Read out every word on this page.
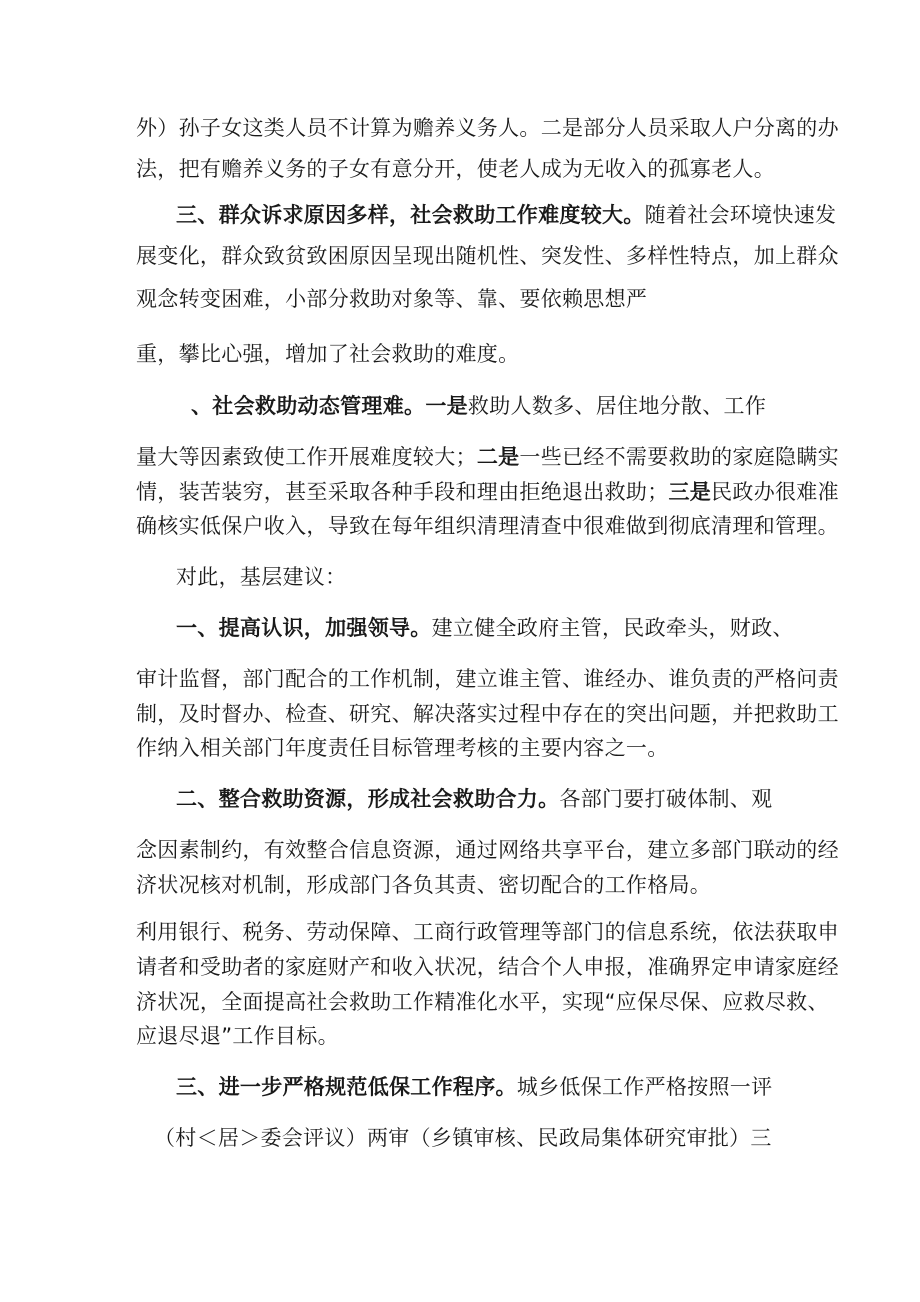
外）孙子女这类人员不计算为赡养义务人。二是部分人员采取人户分离的办

法，把有赡养义务的子女有意分开，使老人成为无收入的孤寡老人。

三、群众诉求原因多样，社会救助工作难度较大。随着社会环境快速发

展变化，群众致贫致困原因呈现出随机性、突发性、多样性特点，加上群众

观念转变困难，小部分救助对象等、靠、要依赖思想严

重，攀比心强，增加了社会救助的难度。

、社会救助动态管理难。一是救助人数多、居住地分散、工作

量大等因素致使工作开展难度较大；二是一些已经不需要救助的家庭隐瞒实

情，装苦装穷，甚至采取各种手段和理由拒绝退出救助；三是民政办很难准

确核实低保户收入，导致在每年组织清理清查中很难做到彻底清理和管理。

对此，基层建议：

一、提高认识，加强领导。建立健全政府主管，民政牵头，财政、

审计监督，部门配合的工作机制，建立谁主管、谁经办、谁负责的严格问责

制，及时督办、检查、研究、解决落实过程中存在的突出问题，并把救助工

作纳入相关部门年度责任目标管理考核的主要内容之一。

二、整合救助资源，形成社会救助合力。各部门要打破体制、观

念因素制约，有效整合信息资源，通过网络共享平台，建立多部门联动的经

济状况核对机制，形成部门各负其责、密切配合的工作格局。

利用银行、税务、劳动保障、工商行政管理等部门的信息系统，依法获取申

请者和受助者的家庭财产和收入状况，结合个人申报，准确界定申请家庭经

济状况，全面提高社会救助工作精准化水平，实现“应保尽保、应救尽救、

应退尽退”工作目标。

三、进一步严格规范低保工作程序。城乡低保工作严格按照一评

（村＜居＞委会评议）两审（乡镇审核、民政局集体研究审批）三
